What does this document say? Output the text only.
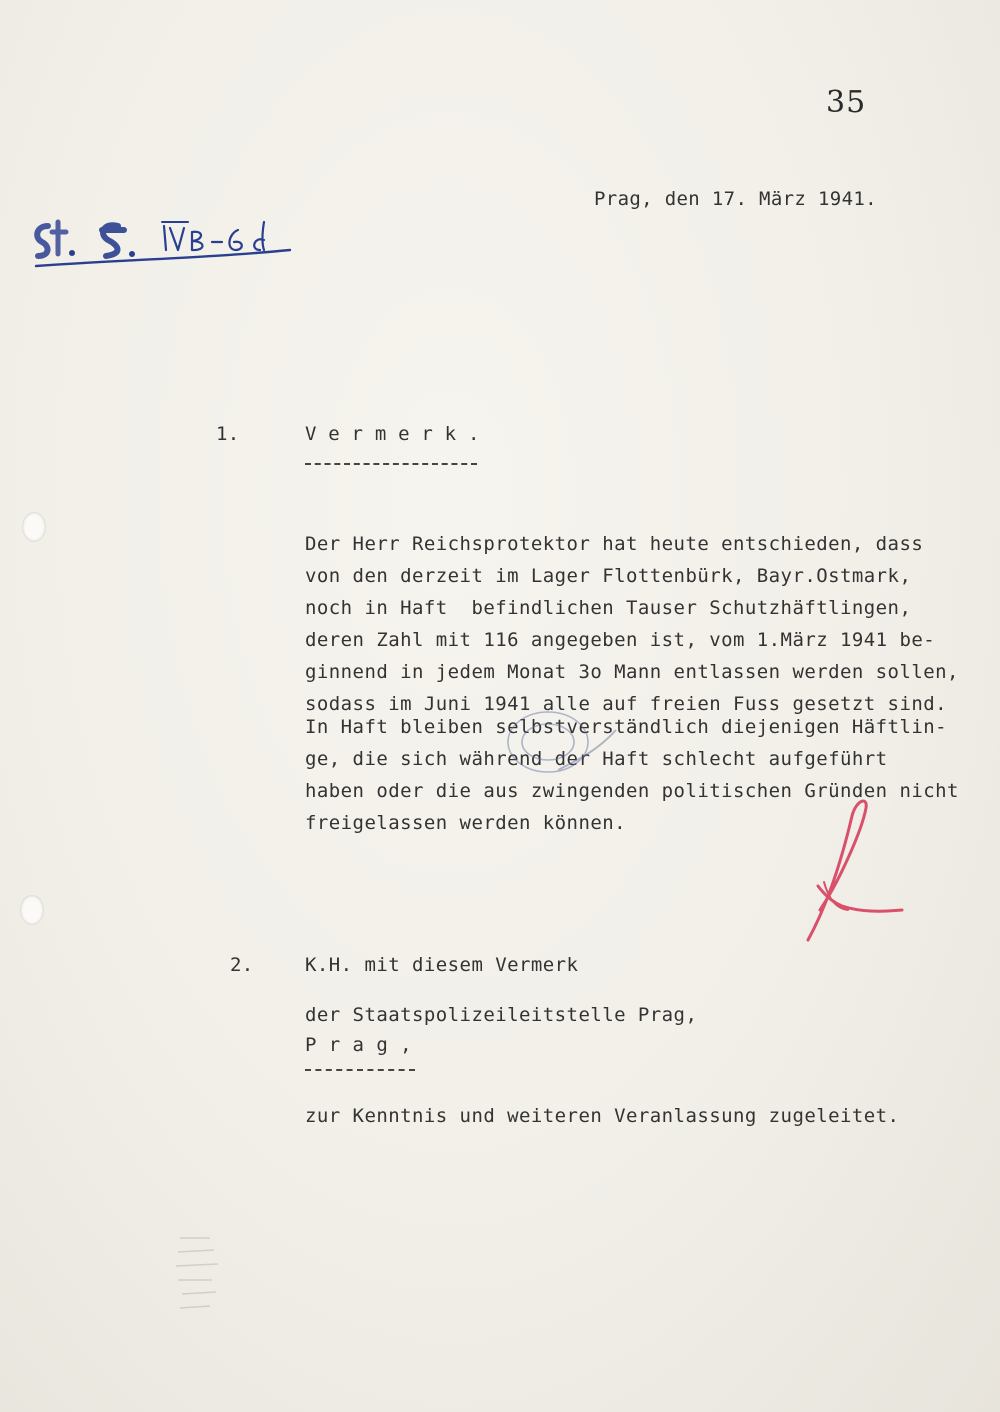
35
Prag, den 17. März 1941.
1.	V e r m e r k .
Der Herr Reichsprotektor hat heute entschieden, dass
von den derzeit im Lager Flottenbürk, Bayr.Ostmark,
noch in Haft  befindlichen Tauser Schutzhäftlingen,
deren Zahl mit 116 angegeben ist, vom 1.März 1941 be-
ginnend in jedem Monat 3o Mann entlassen werden sollen,
sodass im Juni 1941 alle auf freien Fuss gesetzt sind.
In Haft bleiben selbstverständlich diejenigen Häftlin-
ge, die sich während der Haft schlecht aufgeführt
haben oder die aus zwingenden politischen Gründen nicht
freigelassen werden können.
2.	K.H. mit diesem Vermerk
der Staatspolizeileitstelle Prag,
P r a g ,
zur Kenntnis und weiteren Veranlassung zugeleitet.
